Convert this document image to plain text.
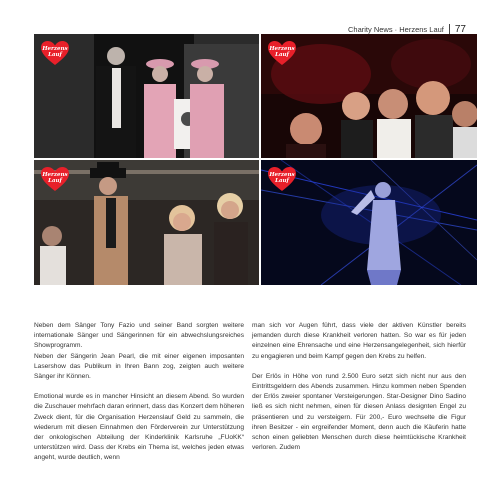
Charity News · Herzens Lauf 77
Herzens
Lauf
Herzens
Lauf
Herzens
Lauf
Herzens
Lauf

Neben dem Sänger Tony Fazio und seiner Band sorgten weitere internationale Sänger und Sängerinnen für ein abwechslungsreiches Showprogramm.
Neben der Sängerin Jean Pearl, die mit einer eigenen imposanten Lasershow das Publikum in Ihren Bann zog, zeigten auch weitere Sänger ihr Können.

Emotional wurde es in mancher Hinsicht an diesem Abend. So wurden die Zuschauer mehrfach daran erinnert, dass das Konzert dem höheren Zweck dient, für die Organisation Herzenslauf Geld zu sammeln, die wiederum mit diesen Einnahmen den Förderverein zur Unterstützung der onkologischen Abteilung der Kinderklinik Karlsruhe „FUoKK“ unterstützen wird. Dass der Krebs ein Thema ist, welches jeden etwas angeht, wurde deutlich, wenn

man sich vor Augen führt, dass viele der aktiven Künstler bereits jemanden durch diese Krankheit verloren hatten. So war es für jeden einzelnen eine Ehrensache und eine Herzensangelegenheit, sich hierfür zu engagieren und beim Kampf gegen den Krebs zu helfen.

Der Erlös in Höhe von rund 2.500 Euro setzt sich nicht nur aus den Eintrittsgeldern des Abends zusammen. Hinzu kommen neben Spenden der Erlös zweier spontaner Versteigerungen. Star-Designer Dino Sadino ließ es sich nicht nehmen, einen für diesen Anlass designten Engel zu präsentieren und zu versteigern. Für 200,- Euro wechselte die Figur ihren Besitzer - ein ergreifender Moment, denn auch die Käuferin hatte schon einen geliebten Menschen durch diese heimtückische Krankheit verloren. Zudem
